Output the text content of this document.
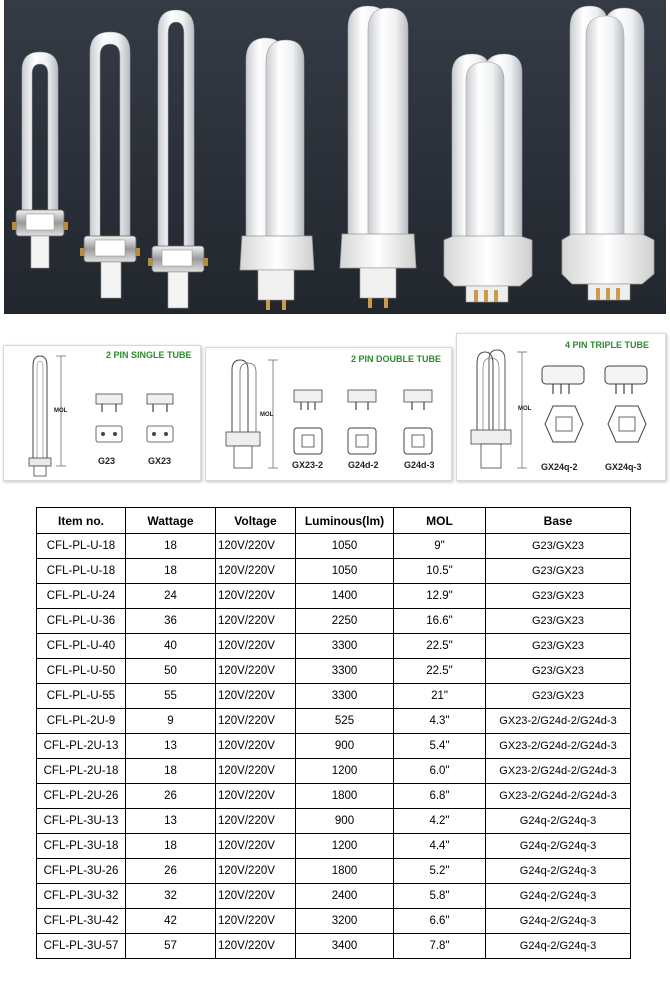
2 PIN SINGLE TUBE
MOL
G23	GX23
2 PIN DOUBLE TUBE
MOL
GX23-2	G24d-2	G24d-3
4 PIN TRIPLE TUBE
MOL
GX24q-2	GX24q-3
Item no.	Wattage	Voltage	Luminous(lm)	MOL	Base
CFL-PL-U-18	18	120V/220V	1050	9"	G23/GX23
CFL-PL-U-18	18	120V/220V	1050	10.5"	G23/GX23
CFL-PL-U-24	24	120V/220V	1400	12.9"	G23/GX23
CFL-PL-U-36	36	120V/220V	2250	16.6"	G23/GX23
CFL-PL-U-40	40	120V/220V	3300	22.5"	G23/GX23
CFL-PL-U-50	50	120V/220V	3300	22.5"	G23/GX23
CFL-PL-U-55	55	120V/220V	3300	21"	G23/GX23
CFL-PL-2U-9	9	120V/220V	525	4.3"	GX23-2/G24d-2/G24d-3
CFL-PL-2U-13	13	120V/220V	900	5.4"	GX23-2/G24d-2/G24d-3
CFL-PL-2U-18	18	120V/220V	1200	6.0"	GX23-2/G24d-2/G24d-3
CFL-PL-2U-26	26	120V/220V	1800	6.8"	GX23-2/G24d-2/G24d-3
CFL-PL-3U-13	13	120V/220V	900	4.2"	G24q-2/G24q-3
CFL-PL-3U-18	18	120V/220V	1200	4.4"	G24q-2/G24q-3
CFL-PL-3U-26	26	120V/220V	1800	5.2"	G24q-2/G24q-3
CFL-PL-3U-32	32	120V/220V	2400	5.8"	G24q-2/G24q-3
CFL-PL-3U-42	42	120V/220V	3200	6.6"	G24q-2/G24q-3
CFL-PL-3U-57	57	120V/220V	3400	7.8"	G24q-2/G24q-3
